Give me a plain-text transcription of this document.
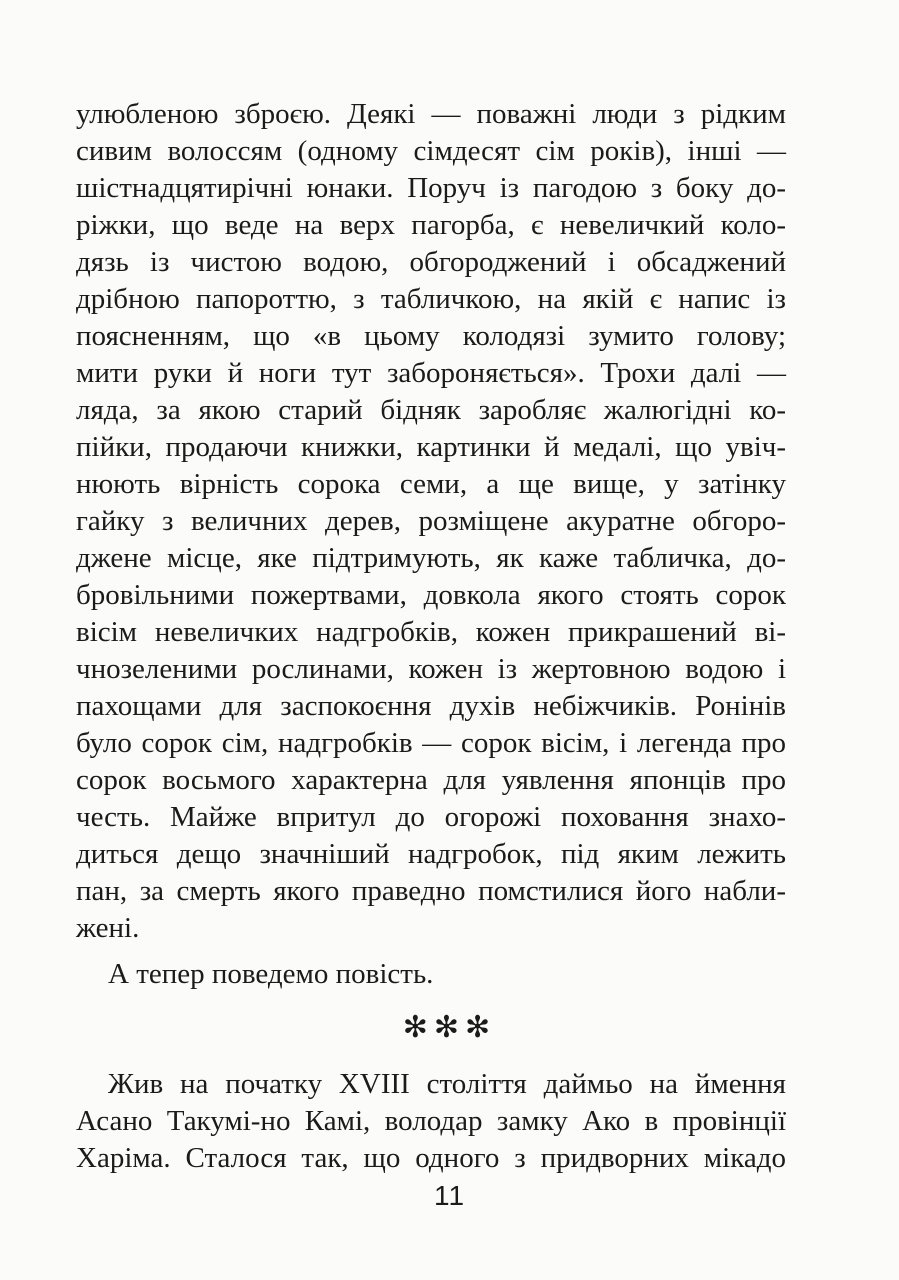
улюбленою зброєю. Деякі — поважні люди з рідким
сивим волоссям (одному сімдесят сім років), інші —
шістнадцятирічні юнаки. Поруч із пагодою з боку до-
ріжки, що веде на верх пагорба, є невеличкий коло-
дязь із чистою водою, обгороджений і обсаджений
дрібною папороттю, з табличкою, на якій є напис із
поясненням, що «в цьому колодязі зумито голову;
мити руки й ноги тут забороняється». Трохи далі —
ляда, за якою старий бідняк заробляє жалюгідні ко-
пійки, продаючи книжки, картинки й медалі, що увіч-
нюють вірність сорока семи, а ще вище, у затінку
гайку з величних дерев, розміщене акуратне обгоро-
джене місце, яке підтримують, як каже табличка, до-
бровільними пожертвами, довкола якого стоять сорок
вісім невеличких надгробків, кожен прикрашений ві-
чнозеленими рослинами, кожен із жертовною водою і
пахощами для заспокоєння духів небіжчиків. Ронінів
було сорок сім, надгробків — сорок вісім, і легенда про
сорок восьмого характерна для уявлення японців про
честь. Майже впритул до огорожі поховання знахо-
диться дещо значніший надгробок, під яким лежить
пан, за смерть якого праведно помстилися його набли-
жені.
А тепер поведемо повість.
✻✻✻
Жив на початку XVIII століття даймьо на ймення
Асано Такумі-но Камі, володар замку Ако в провінції
Харіма. Сталося так, що одного з придворних мікадо
11
